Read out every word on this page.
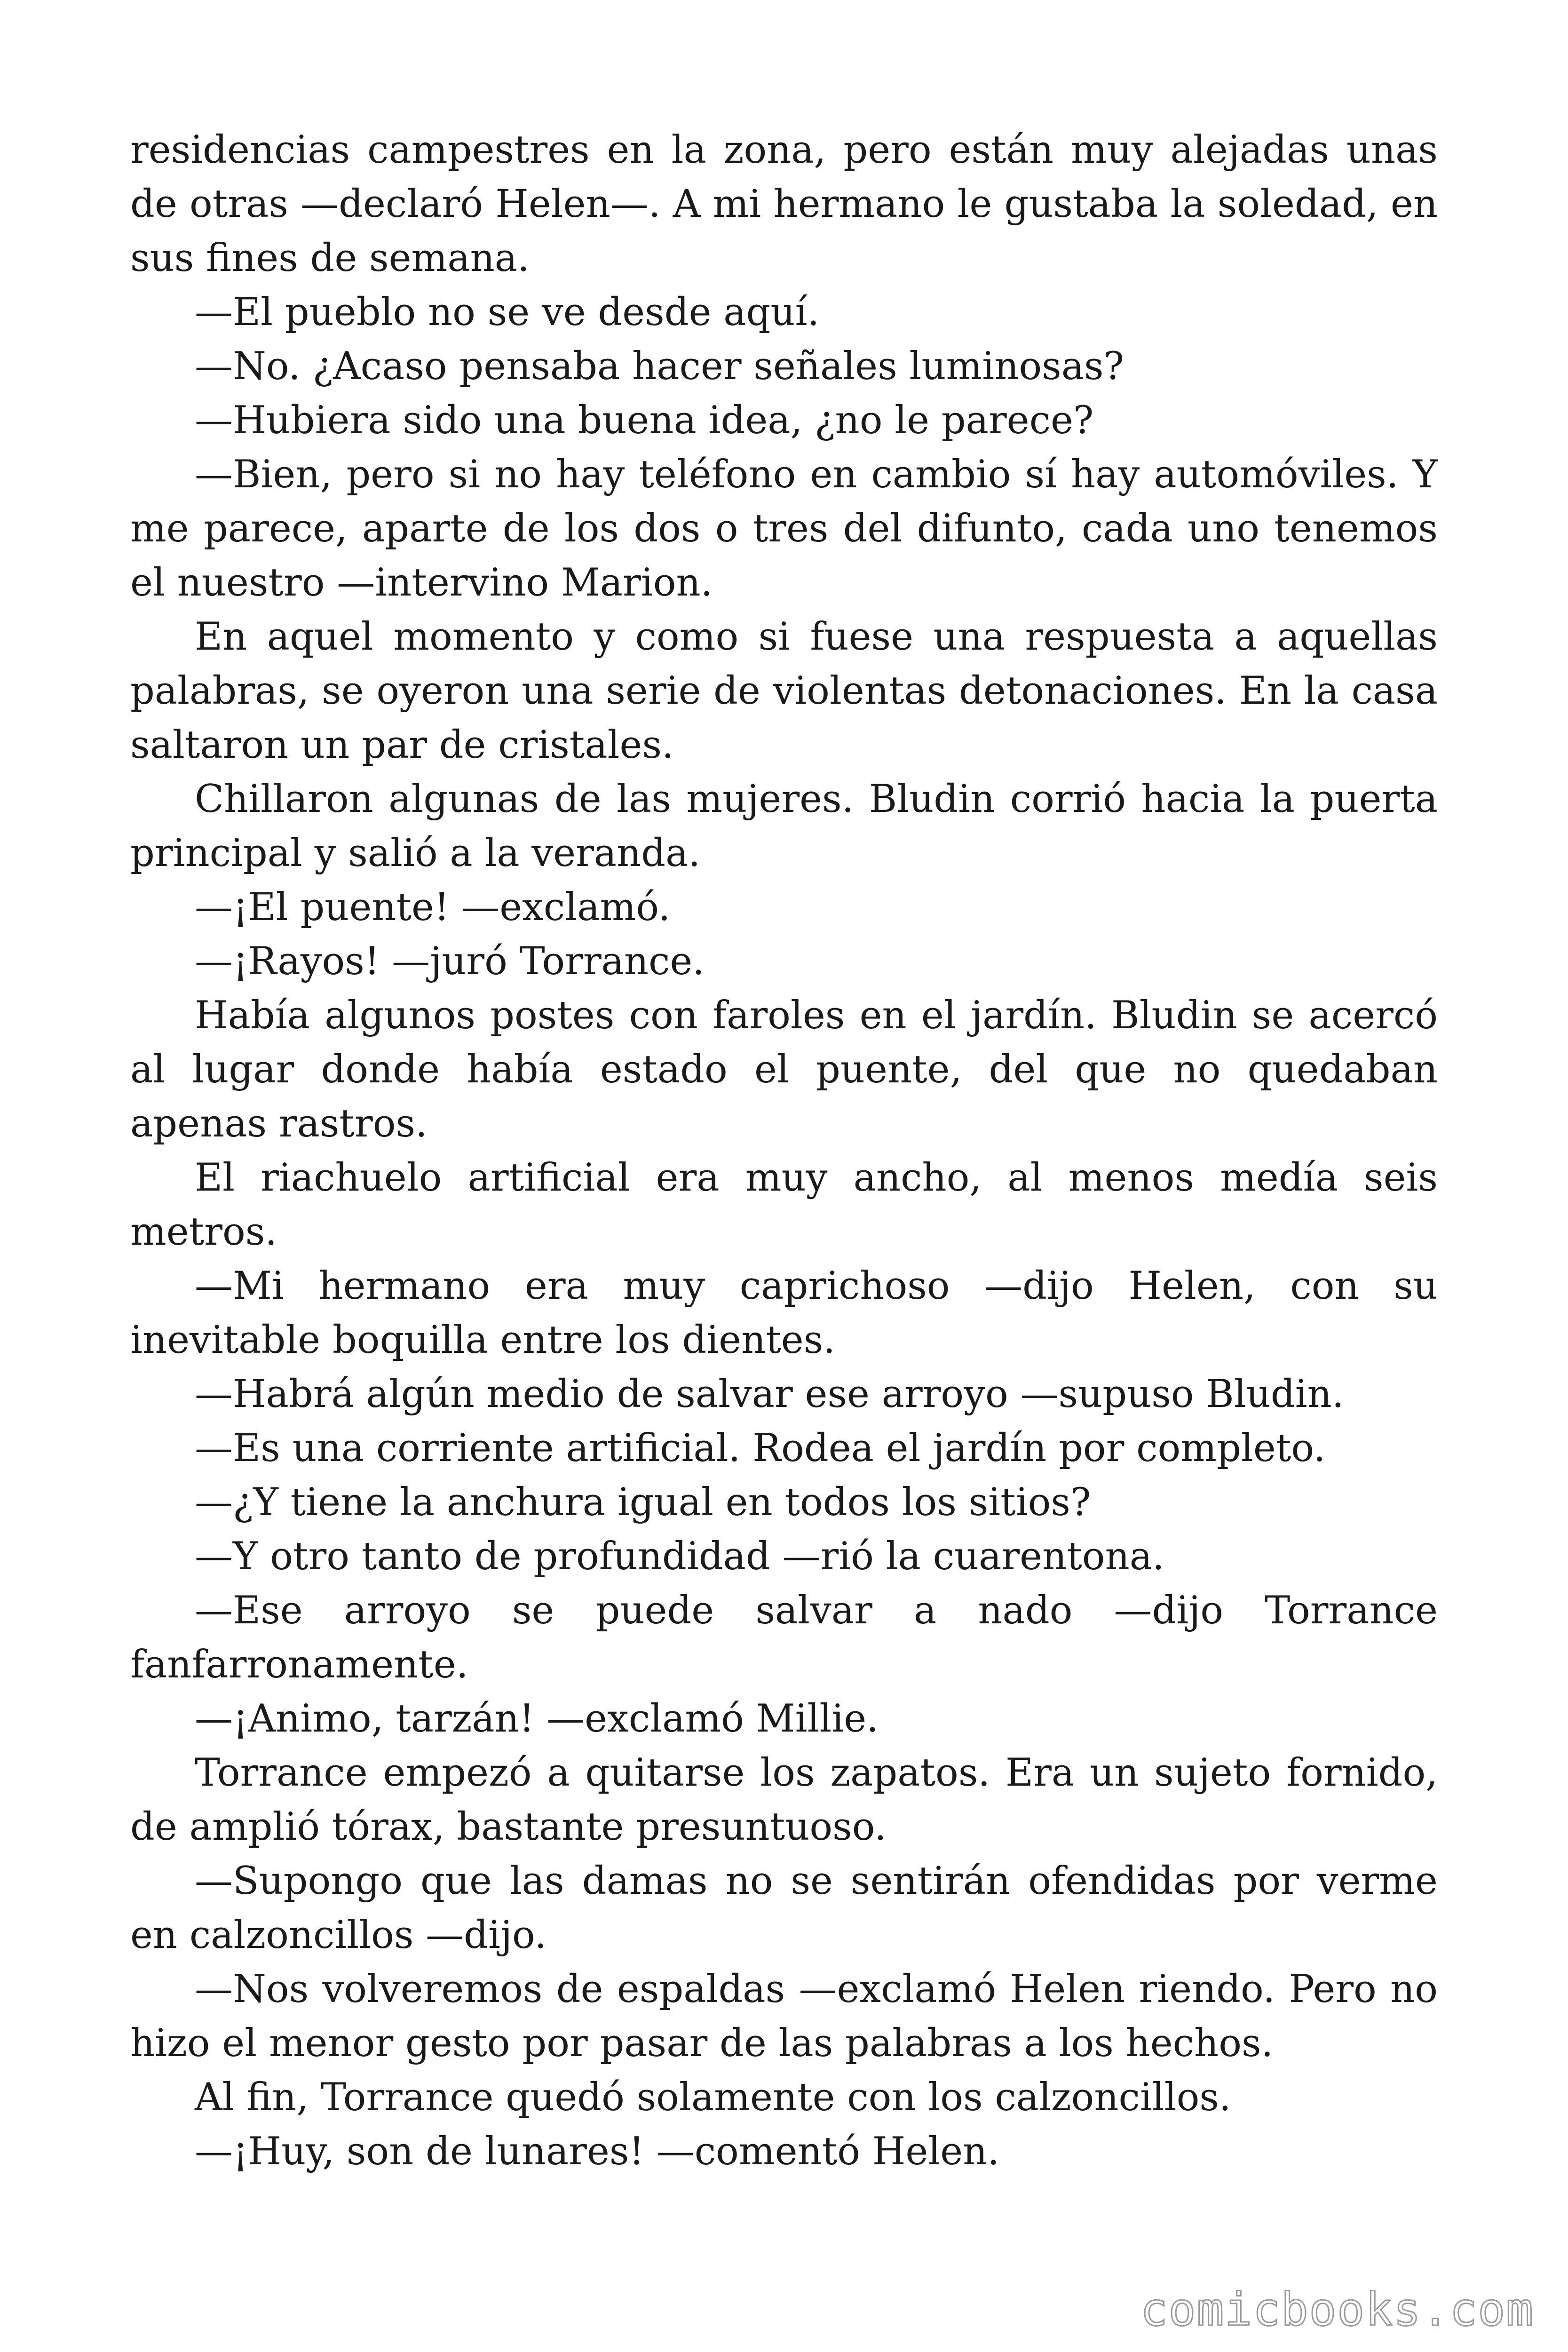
residencias campestres en la zona, pero están muy alejadas unas de otras —declaró Helen—. A mi hermano le gustaba la soledad, en sus fines de semana.

—El pueblo no se ve desde aquí.

—No. ¿Acaso pensaba hacer señales luminosas?

—Hubiera sido una buena idea, ¿no le parece?

—Bien, pero si no hay teléfono en cambio sí hay automóviles. Y me parece, aparte de los dos o tres del difunto, cada uno tenemos el nuestro —intervino Marion.

En aquel momento y como si fuese una respuesta a aquellas palabras, se oyeron una serie de violentas detonaciones. En la casa saltaron un par de cristales.

Chillaron algunas de las mujeres. Bludin corrió hacia la puerta principal y salió a la veranda.

—¡El puente! —exclamó.

—¡Rayos! —juró Torrance.

Había algunos postes con faroles en el jardín. Bludin se acercó al lugar donde había estado el puente, del que no quedaban apenas rastros.

El riachuelo artificial era muy ancho, al menos medía seis metros.

—Mi hermano era muy caprichoso —dijo Helen, con su inevitable boquilla entre los dientes.

—Habrá algún medio de salvar ese arroyo —supuso Bludin.

—Es una corriente artificial. Rodea el jardín por completo.

—¿Y tiene la anchura igual en todos los sitios?

—Y otro tanto de profundidad —rió la cuarentona.

—Ese arroyo se puede salvar a nado —dijo Torrance fanfarronamente.

—¡Animo, tarzán! —exclamó Millie.

Torrance empezó a quitarse los zapatos. Era un sujeto fornido, de amplió tórax, bastante presuntuoso.

—Supongo que las damas no se sentirán ofendidas por verme en calzoncillos —dijo.

—Nos volveremos de espaldas —exclamó Helen riendo. Pero no hizo el menor gesto por pasar de las palabras a los hechos.

Al fin, Torrance quedó solamente con los calzoncillos.

—¡Huy, son de lunares! —comentó Helen.

comicbooks.com
